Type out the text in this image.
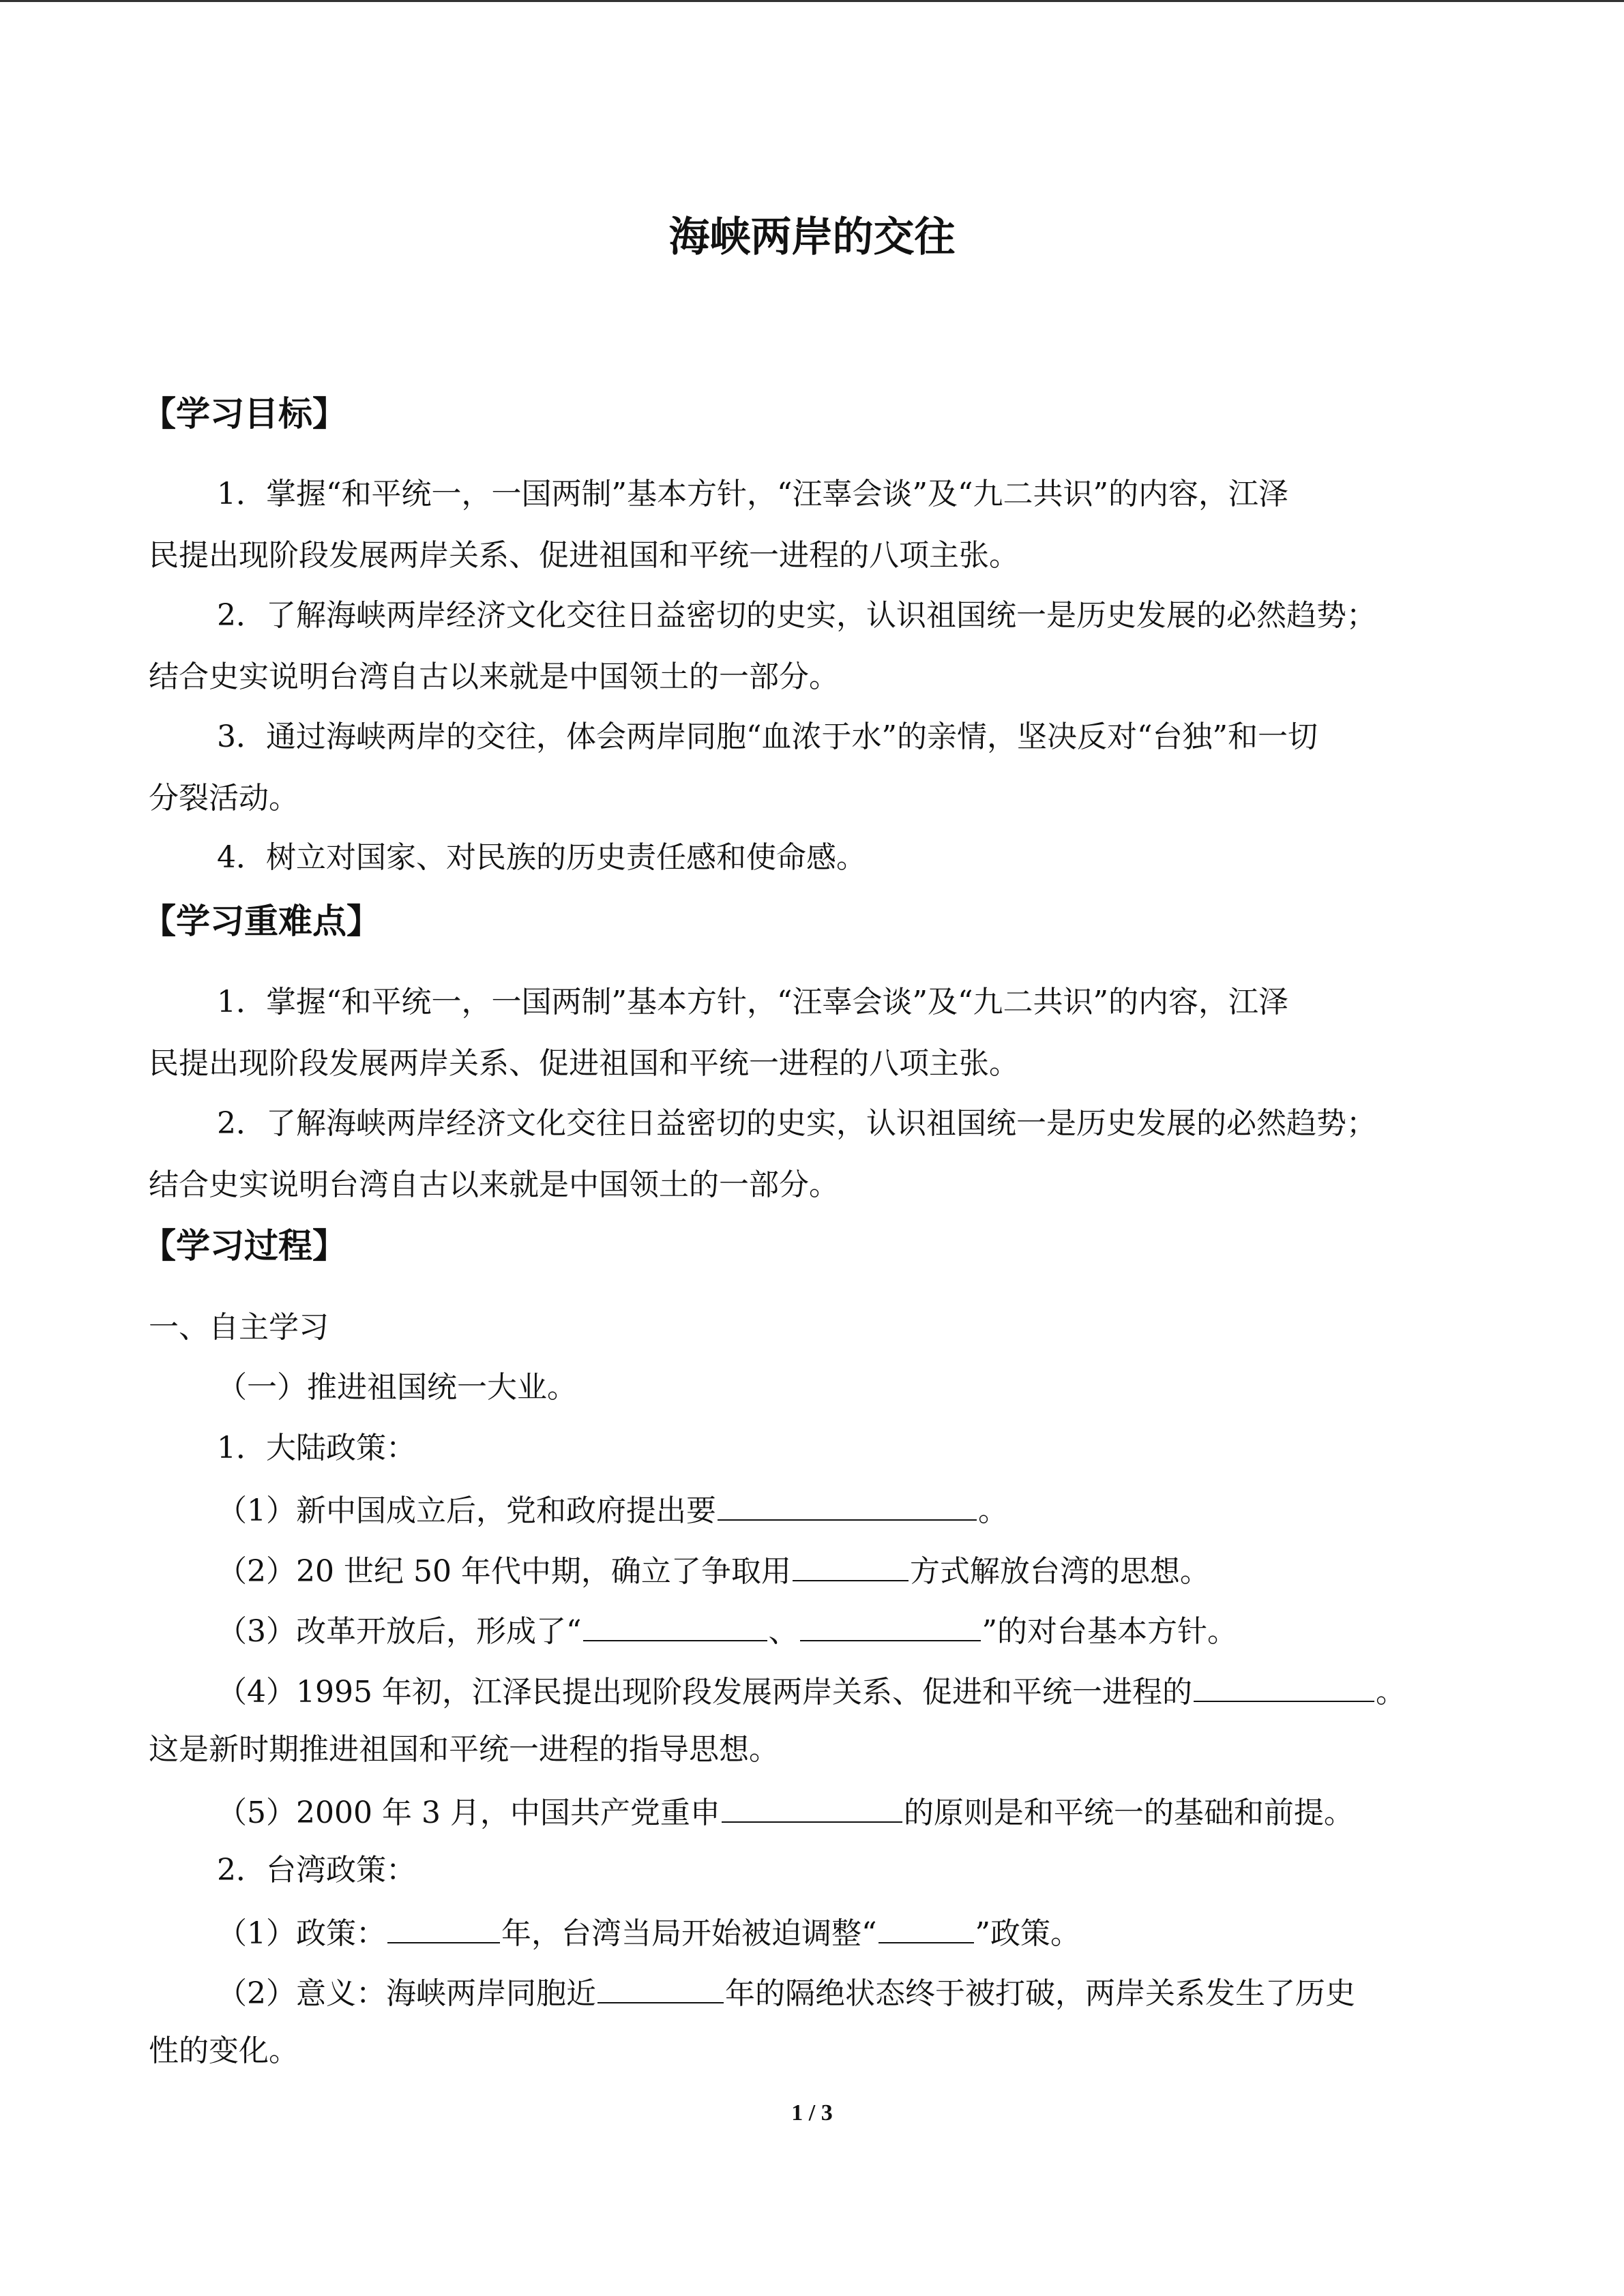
海峡两岸的交往
【学习目标】
1．掌握“和平统一，一国两制”基本方针，“汪辜会谈”及“九二共识”的内容，江泽
民提出现阶段发展两岸关系、促进祖国和平统一进程的八项主张。
2．了解海峡两岸经济文化交往日益密切的史实，认识祖国统一是历史发展的必然趋势；
结合史实说明台湾自古以来就是中国领土的一部分。
3．通过海峡两岸的交往，体会两岸同胞“血浓于水”的亲情，坚决反对“台独”和一切
分裂活动。
4．树立对国家、对民族的历史责任感和使命感。
【学习重难点】
1．掌握“和平统一，一国两制”基本方针，“汪辜会谈”及“九二共识”的内容，江泽
民提出现阶段发展两岸关系、促进祖国和平统一进程的八项主张。
2．了解海峡两岸经济文化交往日益密切的史实，认识祖国统一是历史发展的必然趋势；
结合史实说明台湾自古以来就是中国领土的一部分。
【学习过程】
一、自主学习
（一）推进祖国统一大业。
1．大陆政策：
（1）新中国成立后，党和政府提出要	。
（2）20 世纪 50 年代中期，确立了争取用	方式解放台湾的思想。
（3）改革开放后，形成了“	、	”的对台基本方针。
（4）1995 年初，江泽民提出现阶段发展两岸关系、促进和平统一进程的	。
这是新时期推进祖国和平统一进程的指导思想。
（5）2000 年 3 月，中国共产党重申	的原则是和平统一的基础和前提。
2．台湾政策：
（1）政策：	年，台湾当局开始被迫调整“	”政策。
（2）意义：海峡两岸同胞近	年的隔绝状态终于被打破，两岸关系发生了历史
性的变化。
1 / 3
